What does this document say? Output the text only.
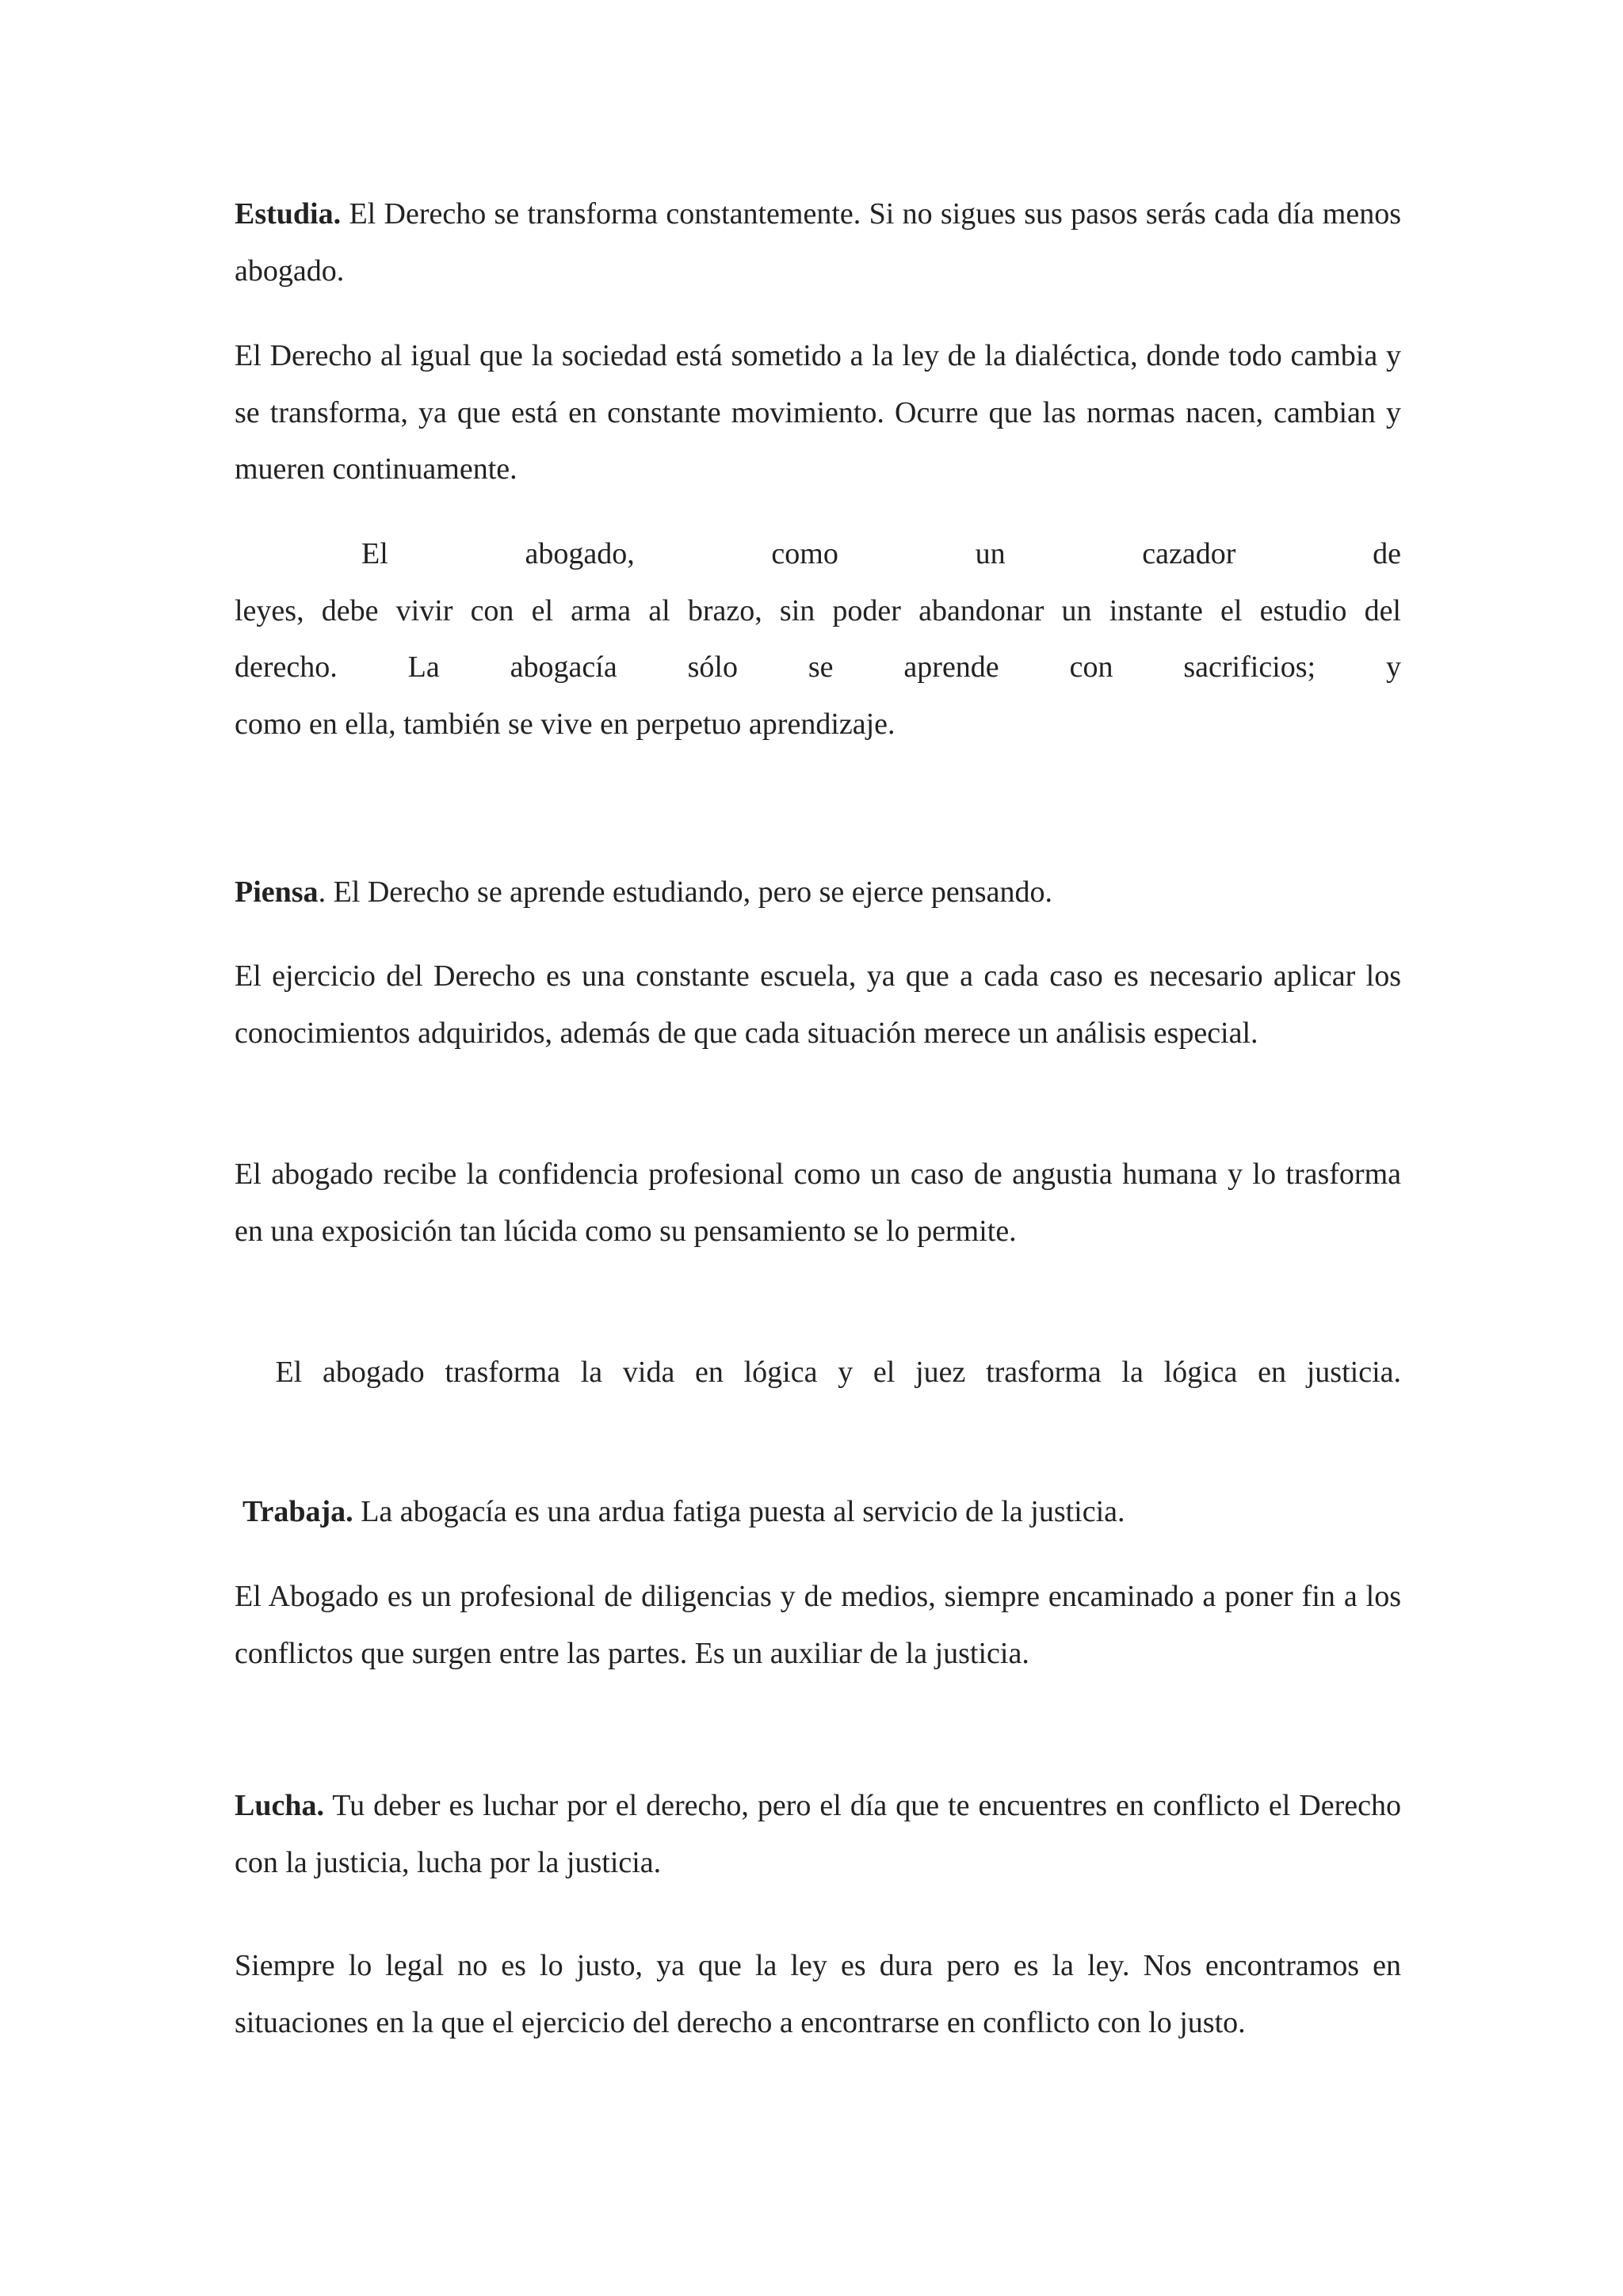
Estudia. El Derecho se transforma constantemente. Si no sigues sus pasos serás cada día menos abogado.

El Derecho al igual que la sociedad está sometido a la ley de la dialéctica, donde todo cambia y se transforma, ya que está en constante movimiento. Ocurre que las normas nacen, cambian y mueren continuamente.

El abogado, como un cazador de
leyes, debe vivir con el arma al brazo, sin poder abandonar un instante el estudio del
derecho. La abogacía sólo se aprende con sacrificios; y
como en ella, también se vive en perpetuo aprendizaje.

Piensa. El Derecho se aprende estudiando, pero se ejerce pensando.

El ejercicio del Derecho es una constante escuela, ya que a cada caso es necesario aplicar los conocimientos adquiridos, además de que cada situación merece un análisis especial.

El abogado recibe la confidencia profesional como un caso de angustia humana y lo trasforma en una exposición tan lúcida como su pensamiento se lo permite.

El abogado trasforma la vida en lógica y el juez trasforma la lógica en justicia.

Trabaja. La abogacía es una ardua fatiga puesta al servicio de la justicia.

El Abogado es un profesional de diligencias y de medios, siempre encaminado a poner fin a los conflictos que surgen entre las partes. Es un auxiliar de la justicia.

Lucha. Tu deber es luchar por el derecho, pero el día que te encuentres en conflicto el Derecho con la justicia, lucha por la justicia.

Siempre lo legal no es lo justo, ya que la ley es dura pero es la ley. Nos encontramos en situaciones en la que el ejercicio del derecho a encontrarse en conflicto con lo justo.
